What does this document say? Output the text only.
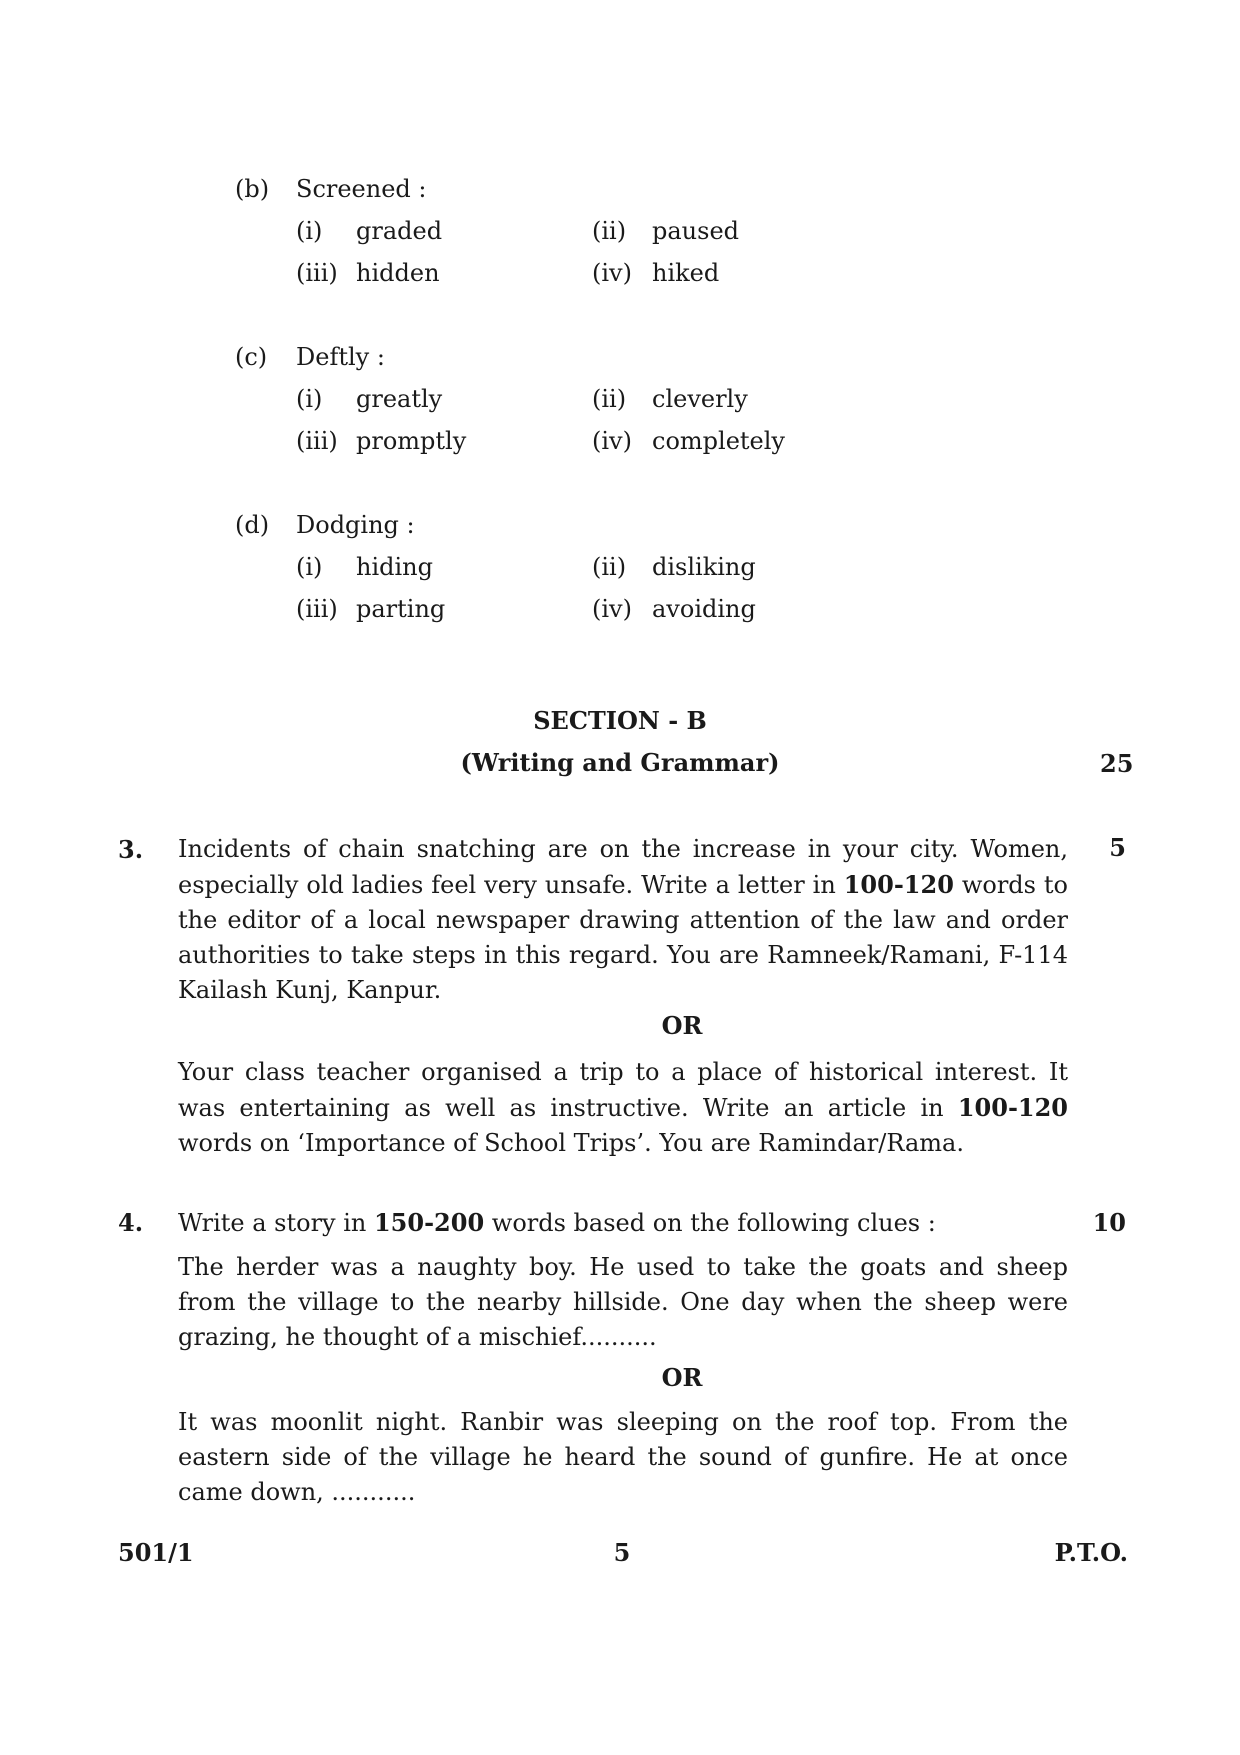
(b) Screened :
(i) graded	(ii) paused
(iii) hidden	(iv) hiked
(c) Deftly :
(i) greatly	(ii) cleverly
(iii) promptly	(iv) completely
(d) Dodging :
(i) hiding	(ii) disliking
(iii) parting	(iv) avoiding
SECTION - B
(Writing and Grammar)	25
3.	5
Incidents of chain snatching are on the increase in your city. Women, especially old ladies feel very unsafe. Write a letter in 100-120 words to the editor of a local newspaper drawing attention of the law and order authorities to take steps in this regard. You are Ramneek/Ramani, F-114 Kailash Kunj, Kanpur.
OR
Your class teacher organised a trip to a place of historical interest. It was entertaining as well as instructive. Write an article in 100-120 words on ‘Importance of School Trips’. You are Ramindar/Rama.
4.	10
Write a story in 150-200 words based on the following clues :
The herder was a naughty boy. He used to take the goats and sheep from the village to the nearby hillside. One day when the sheep were grazing, he thought of a mischief..........
OR
It was moonlit night. Ranbir was sleeping on the roof top. From the eastern side of the village he heard the sound of gunfire. He at once came down, ...........
501/1	5	P.T.O.
